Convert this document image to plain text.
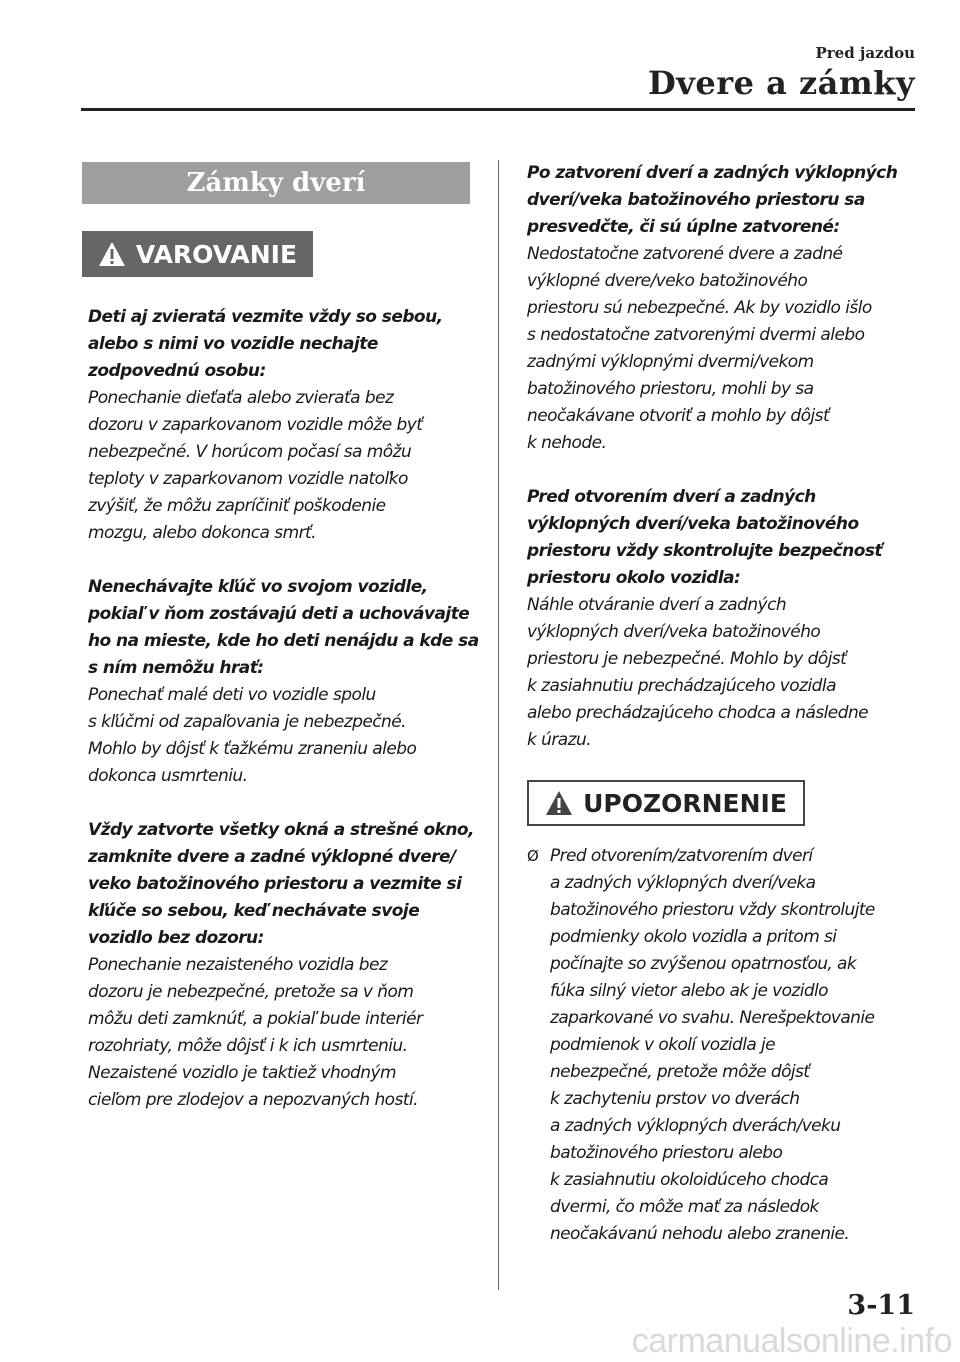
Pred jazdou
Dvere a zámky
Zámky dverí
VAROVANIE
Deti aj zvieratá vezmite vždy so sebou,
alebo s nimi vo vozidle nechajte
zodpovednú osobu:
Ponechanie dieťaťa alebo zvieraťa bez
dozoru v zaparkovanom vozidle môže byť
nebezpečné. V horúcom počasí sa môžu
teploty v zaparkovanom vozidle natoľko
zvýšiť, že môžu zapríčiniť poškodenie
mozgu, alebo dokonca smrť.
Nenechávajte kľúč vo svojom vozidle,
pokiaľ v ňom zostávajú deti a uchovávajte
ho na mieste, kde ho deti nenájdu a kde sa
s ním nemôžu hrať:
Ponechať malé deti vo vozidle spolu
s kľúčmi od zapaľovania je nebezpečné.
Mohlo by dôjsť k ťažkému zraneniu alebo
dokonca usmrteniu.
Vždy zatvorte všetky okná a strešné okno,
zamknite dvere a zadné výklopné dvere/
veko batožinového priestoru a vezmite si
kľúče so sebou, keď nechávate svoje
vozidlo bez dozoru:
Ponechanie nezaisteného vozidla bez
dozoru je nebezpečné, pretože sa v ňom
môžu deti zamknúť, a pokiaľ bude interiér
rozohriaty, môže dôjsť i k ich usmrteniu.
Nezaistené vozidlo je taktiež vhodným
cieľom pre zlodejov a nepozvaných hostí.
Po zatvorení dverí a zadných výklopných
dverí/veka batožinového priestoru sa
presvedčte, či sú úplne zatvorené:
Nedostatočne zatvorené dvere a zadné
výklopné dvere/veko batožinového
priestoru sú nebezpečné. Ak by vozidlo išlo
s nedostatočne zatvorenými dvermi alebo
zadnými výklopnými dvermi/vekom
batožinového priestoru, mohli by sa
neočakávane otvoriť a mohlo by dôjsť
k nehode.
Pred otvorením dverí a zadných
výklopných dverí/veka batožinového
priestoru vždy skontrolujte bezpečnosť
priestoru okolo vozidla:
Náhle otváranie dverí a zadných
výklopných dverí/veka batožinového
priestoru je nebezpečné. Mohlo by dôjsť
k zasiahnutiu prechádzajúceho vozidla
alebo prechádzajúceho chodca a následne
k úrazu.
UPOZORNENIE
Ø Pred otvorením/zatvorením dverí
a zadných výklopných dverí/veka
batožinového priestoru vždy skontrolujte
podmienky okolo vozidla a pritom si
počínajte so zvýšenou opatrnosťou, ak
fúka silný vietor alebo ak je vozidlo
zaparkované vo svahu. Nerešpektovanie
podmienok v okolí vozidla je
nebezpečné, pretože môže dôjsť
k zachyteniu prstov vo dverách
a zadných výklopných dverách/veku
batožinového priestoru alebo
k zasiahnutiu okoloidúceho chodca
dvermi, čo môže mať za následok
neočakávanú nehodu alebo zranenie.
3-11
carmanualsonline.info
